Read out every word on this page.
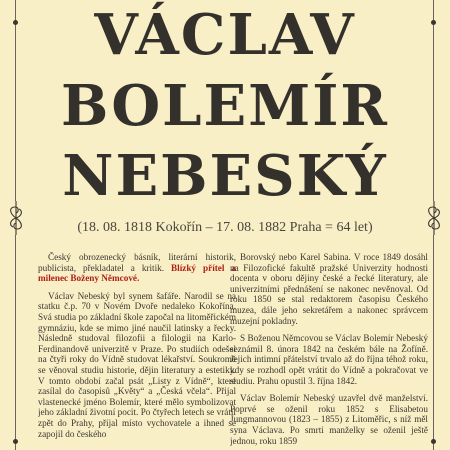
VÁCLAV
BOLEMÍR
NEBESKÝ
(18. 08. 1818 Kokořín – 17. 08. 1882 Praha = 64 let)

Český obrozenecký básník, literární historik, publicista, překladatel a kritik. Blízký přítel a milenec Boženy Němcové.

Václav Nebeský byl synem šafáře. Narodil se na statku č.p. 70 v Novém Dvoře nedaleko Kokořína. Svá studia po základní škole započal na litoměřickém gymnáziu, kde se mimo jiné naučil latinsky a řecky. Následně studoval filozofii a filologii na Karlo-Ferdinandově univerzitě v Praze. Po studiích odešel na čtyři roky do Vídně studovat lékařství. Soukromě se věnoval studiu historie, dějin literatury a estetiky. V tomto období začal psát „Listy z Vídně“, které zasílal do časopisů „Květy“ a „Česká včela“. Přijal vlastenecké jméno Bolemír, které mělo symbolizovat jeho základní životní pocit. Po čtyřech letech se vrátil zpět do Prahy, příjal místo vychovatele a ihned se zapojil do českého

Borovský nebo Karel Sabina. V roce 1849 dosáhl na Filozofické fakultě pražské Univerzity hodnosti docenta v oboru dějiny české a řecké literatury, ale univerzitními přednášení se nakonec nevěnoval. Od roku 1850 se stal redaktorem časopisu Českého muzea, dále jeho sekretářem a nakonec správcem muzejní pokladny.

S Boženou Němcovou se Václav Bolemír Nebeský seznámil 8. února 1842 na českém bále na Žofíně. Jejich intimní přátelství trvalo až do října téhož roku, kdy se rozhodl opět vrátit do Vídně a pokračovat ve studiu. Prahu opustil 3. října 1842.

Václav Bolemír Nebeský uzavřel dvě manželství. Poprvé se oženil roku 1852 s Elisabetou Jungmannovou (1823 – 1855) z Litoměřic, s níž měl syna Václava. Po smrti manželky se oženil ještě jednou, roku 1859
